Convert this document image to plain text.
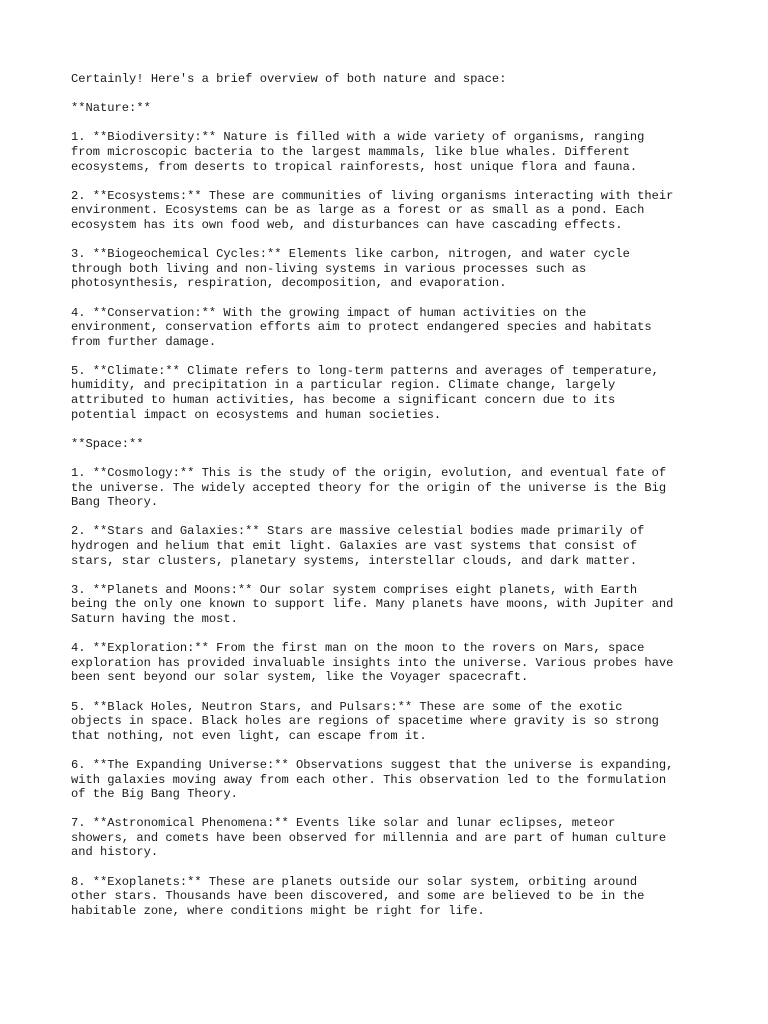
Certainly! Here's a brief overview of both nature and space:

**Nature:**

1. **Biodiversity:** Nature is filled with a wide variety of organisms, ranging
from microscopic bacteria to the largest mammals, like blue whales. Different
ecosystems, from deserts to tropical rainforests, host unique flora and fauna.

2. **Ecosystems:** These are communities of living organisms interacting with their
environment. Ecosystems can be as large as a forest or as small as a pond. Each
ecosystem has its own food web, and disturbances can have cascading effects.

3. **Biogeochemical Cycles:** Elements like carbon, nitrogen, and water cycle
through both living and non-living systems in various processes such as
photosynthesis, respiration, decomposition, and evaporation.

4. **Conservation:** With the growing impact of human activities on the
environment, conservation efforts aim to protect endangered species and habitats
from further damage.

5. **Climate:** Climate refers to long-term patterns and averages of temperature,
humidity, and precipitation in a particular region. Climate change, largely
attributed to human activities, has become a significant concern due to its
potential impact on ecosystems and human societies.

**Space:**

1. **Cosmology:** This is the study of the origin, evolution, and eventual fate of
the universe. The widely accepted theory for the origin of the universe is the Big
Bang Theory.

2. **Stars and Galaxies:** Stars are massive celestial bodies made primarily of
hydrogen and helium that emit light. Galaxies are vast systems that consist of
stars, star clusters, planetary systems, interstellar clouds, and dark matter.

3. **Planets and Moons:** Our solar system comprises eight planets, with Earth
being the only one known to support life. Many planets have moons, with Jupiter and
Saturn having the most.

4. **Exploration:** From the first man on the moon to the rovers on Mars, space
exploration has provided invaluable insights into the universe. Various probes have
been sent beyond our solar system, like the Voyager spacecraft.

5. **Black Holes, Neutron Stars, and Pulsars:** These are some of the exotic
objects in space. Black holes are regions of spacetime where gravity is so strong
that nothing, not even light, can escape from it.

6. **The Expanding Universe:** Observations suggest that the universe is expanding,
with galaxies moving away from each other. This observation led to the formulation
of the Big Bang Theory.

7. **Astronomical Phenomena:** Events like solar and lunar eclipses, meteor
showers, and comets have been observed for millennia and are part of human culture
and history.

8. **Exoplanets:** These are planets outside our solar system, orbiting around
other stars. Thousands have been discovered, and some are believed to be in the
habitable zone, where conditions might be right for life.
